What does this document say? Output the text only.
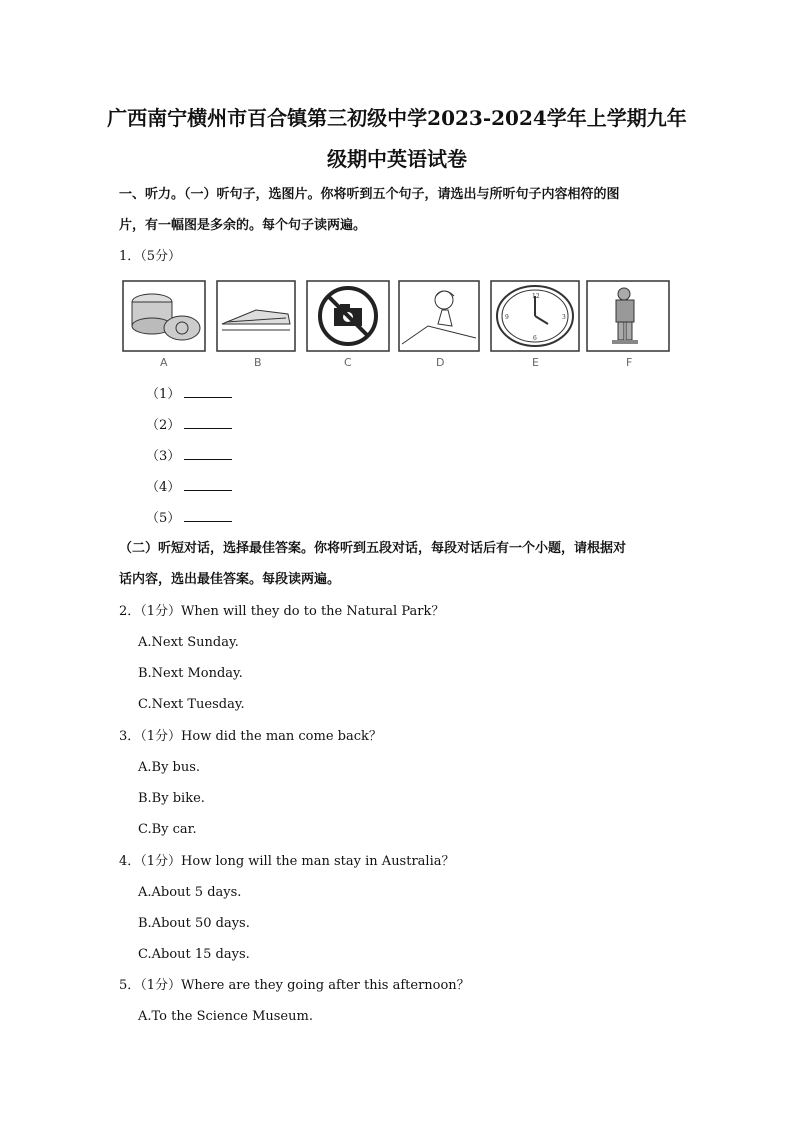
广西南宁横州市百合镇第三初级中学2023-2024学年上学期九年
级期中英语试卷
一、听力。（一）听句子，选图片。你将听到五个句子，请选出与所听句子内容相符的图
片，有一幅图是多余的。每个句子读两遍。
1．（5分）
A	B	C	D
12
3
6
9
E	F
（1）
（2）
（3）
（4）
（5）
（二）听短对话，选择最佳答案。你将听到五段对话，每段对话后有一个小题，请根据对
话内容，选出最佳答案。每段读两遍。
2．（1分）When will they do to the Natural Park？
A.Next Sunday.
B.Next Monday.
C.Next Tuesday.
3．（1分）How did the man come back？
A.By bus.
B.By bike.
C.By car.
4．（1分）How long will the man stay in Australia？
A.About 5 days.
B.About 50 days.
C.About 15 days.
5．（1分）Where are they going after this afternoon？
A.To the Science Museum.
